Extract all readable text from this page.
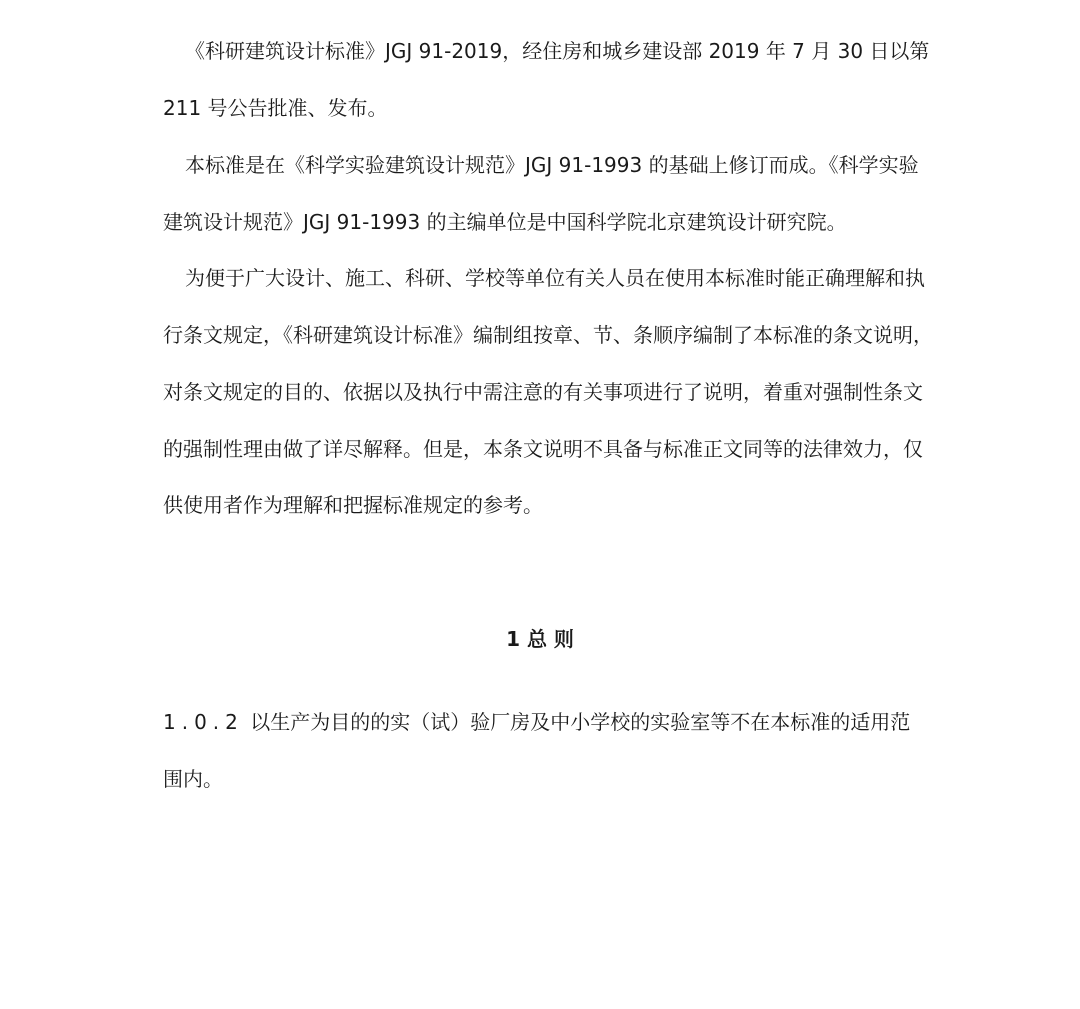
《科研建筑设计标准》JGJ 91-2019，经住房和城乡建设部 2019 年 7 月 30 日以第
211 号公告批准、发布。
本标准是在《科学实验建筑设计规范》JGJ 91-1993 的基础上修订而成。《科学实验
建筑设计规范》JGJ 91-1993 的主编单位是中国科学院北京建筑设计研究院。
为便于广大设计、施工、科研、学校等单位有关人员在使用本标准时能正确理解和执
行条文规定，《科研建筑设计标准》编制组按章、节、条顺序编制了本标准的条文说明，
对条文规定的目的、依据以及执行中需注意的有关事项进行了说明，着重对强制性条文
的强制性理由做了详尽解释。但是，本条文说明不具备与标准正文同等的法律效力，仅
供使用者作为理解和把握标准规定的参考。
1 总 则
1.0.2 以生产为目的的实（试）验厂房及中小学校的实验室等不在本标准的适用范
围内。
